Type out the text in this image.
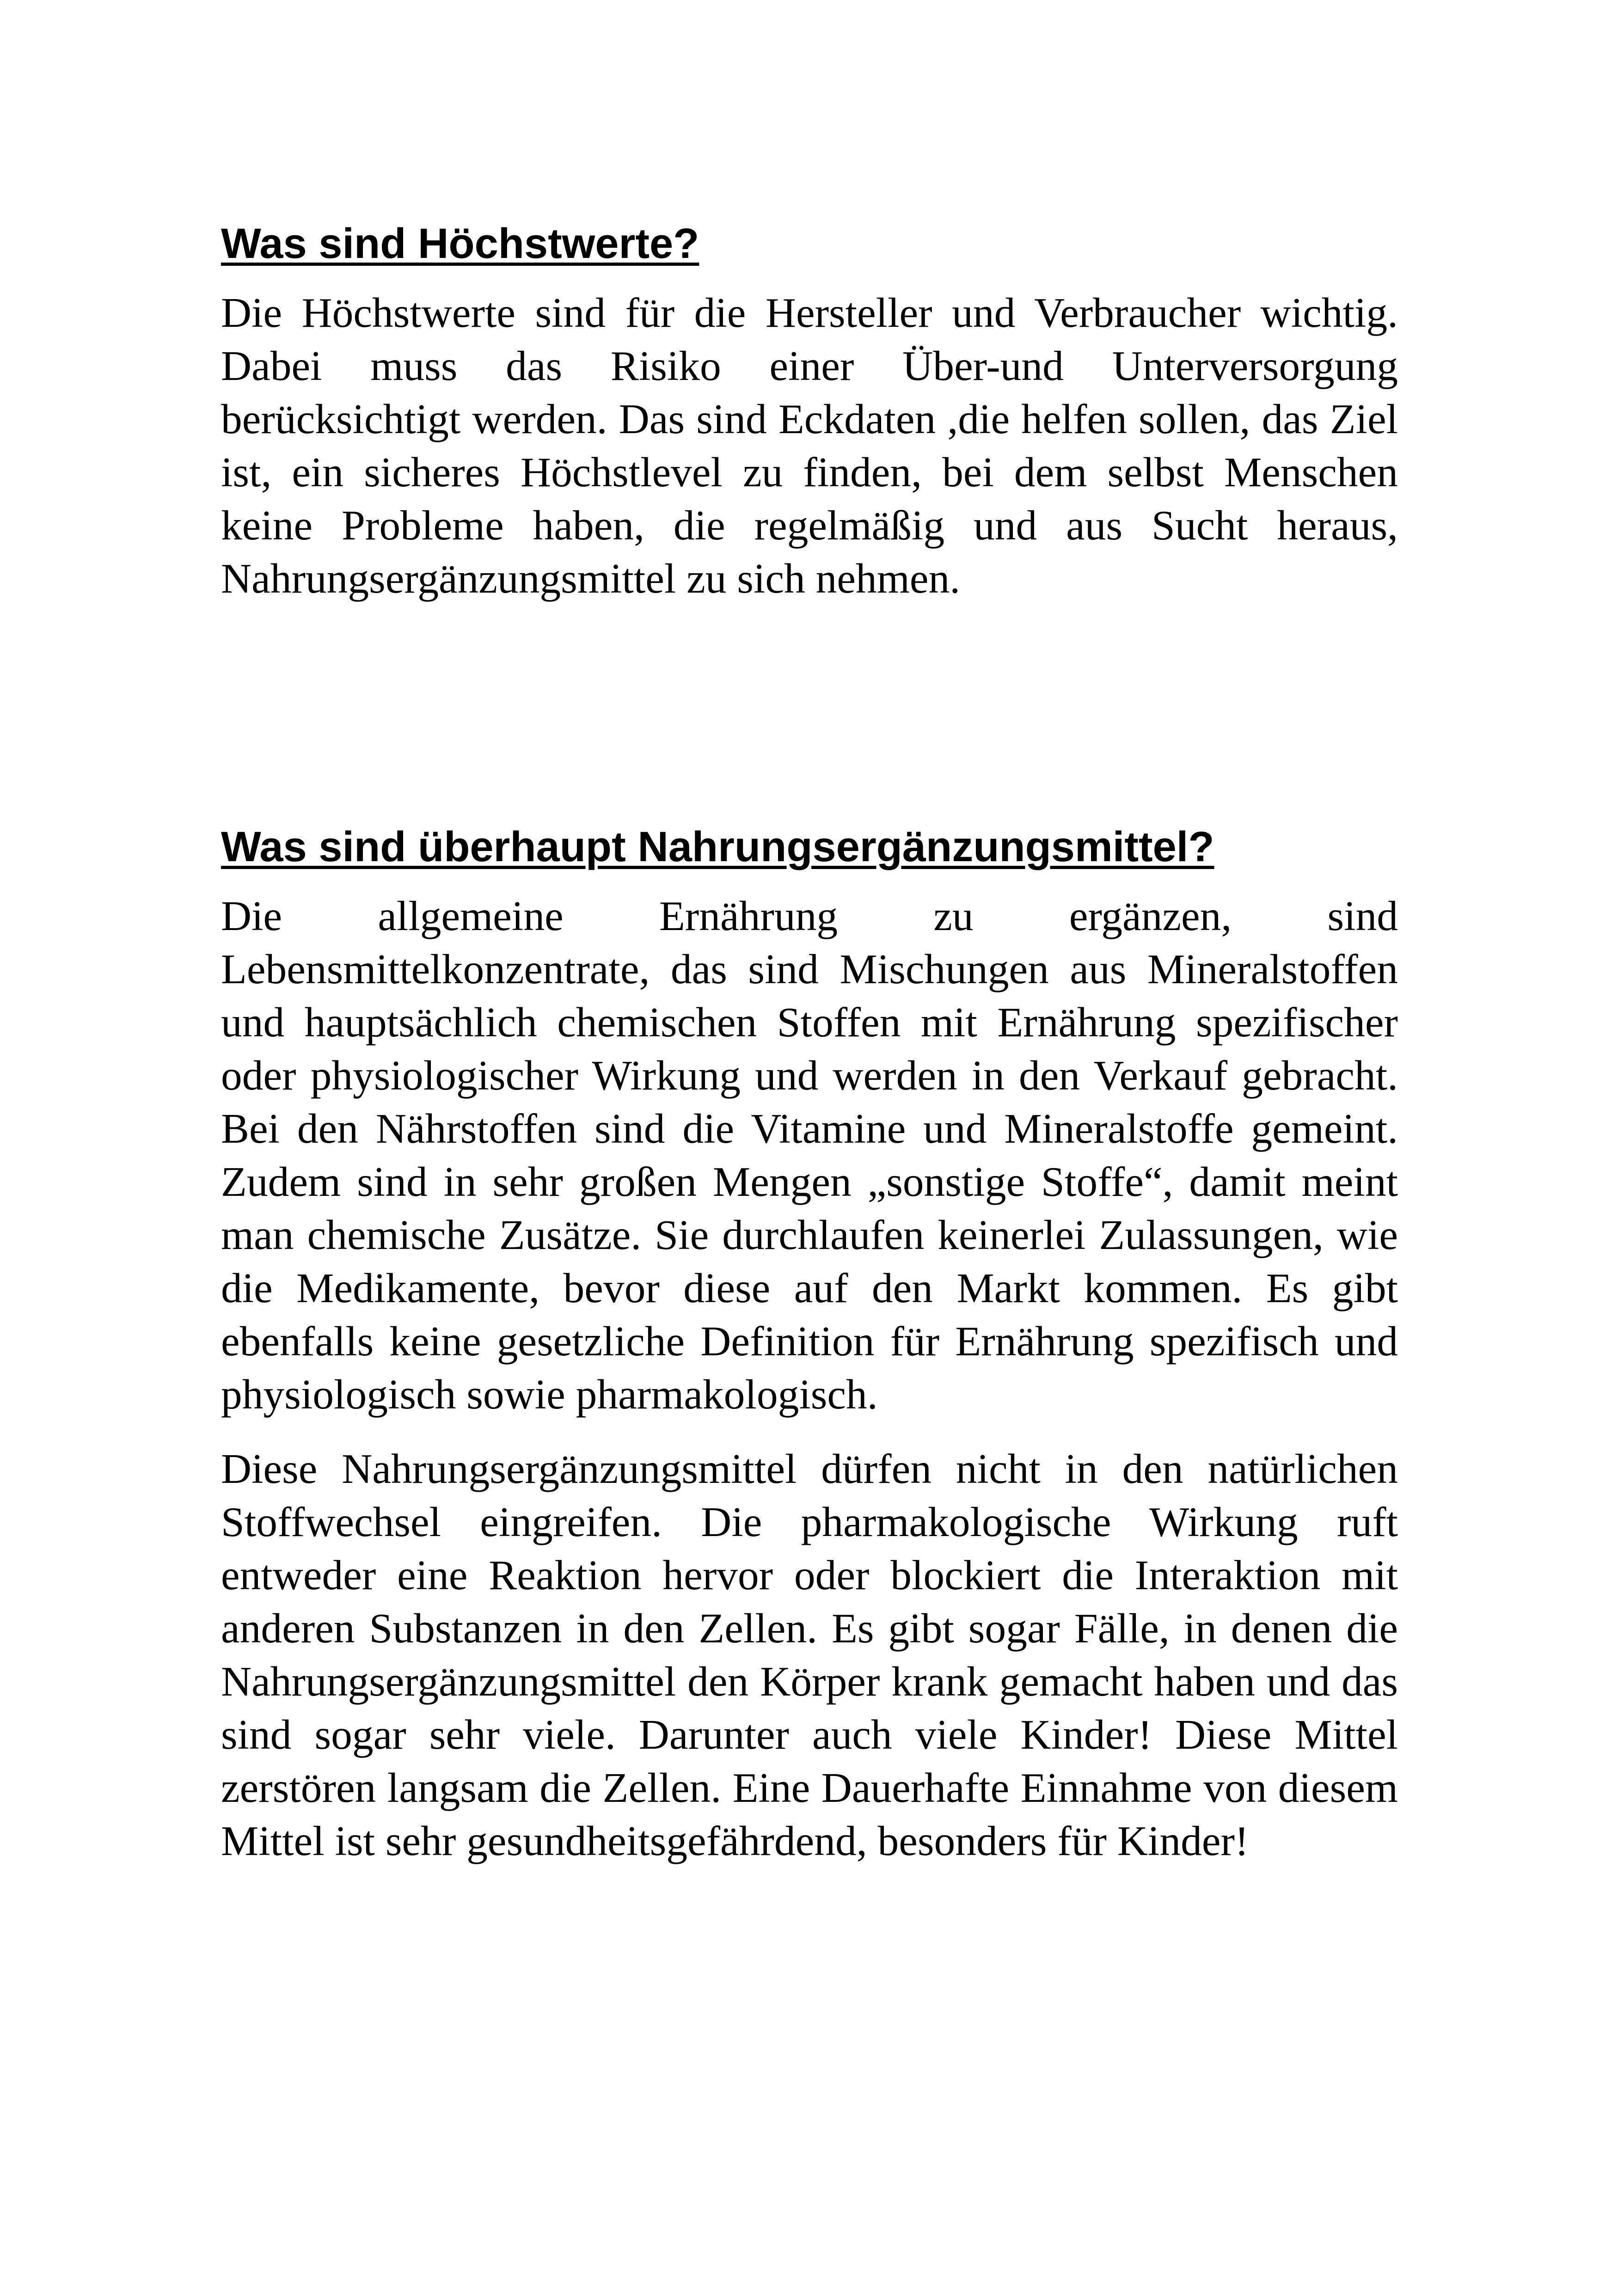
Was sind Höchstwerte?

Die Höchstwerte sind für die Hersteller und Verbraucher wichtig. Dabei muss das Risiko einer Über-und Unterversorgung berücksichtigt werden. Das sind Eckdaten ,die helfen sollen, das Ziel ist, ein sicheres Höchstlevel zu finden, bei dem selbst Menschen keine Probleme haben, die regelmäßig und aus Sucht heraus, Nahrungsergänzungsmittel zu sich nehmen.

Was sind überhaupt Nahrungsergänzungsmittel?

Die allgemeine Ernährung zu ergänzen, sind Lebensmittelkonzentrate, das sind Mischungen aus Mineralstoffen und hauptsächlich chemischen Stoffen mit Ernährung spezifischer oder physiologischer Wirkung und werden in den Verkauf gebracht. Bei den Nährstoffen sind die Vitamine und Mineralstoffe gemeint. Zudem sind in sehr großen Mengen „sonstige Stoffe“, damit meint man chemische Zusätze. Sie durchlaufen keinerlei Zulassungen, wie die Medikamente, bevor diese auf den Markt kommen. Es gibt ebenfalls keine gesetzliche Definition für Ernährung spezifisch und physiologisch sowie pharmakologisch.

Diese Nahrungsergänzungsmittel dürfen nicht in den natürlichen Stoffwechsel eingreifen. Die pharmakologische Wirkung ruft entweder eine Reaktion hervor oder blockiert die Interaktion mit anderen Substanzen in den Zellen. Es gibt sogar Fälle, in denen die Nahrungsergänzungsmittel den Körper krank gemacht haben und das sind sogar sehr viele. Darunter auch viele Kinder! Diese Mittel zerstören langsam die Zellen. Eine Dauerhafte Einnahme von diesem Mittel ist sehr gesundheitsgefährdend, besonders für Kinder!
